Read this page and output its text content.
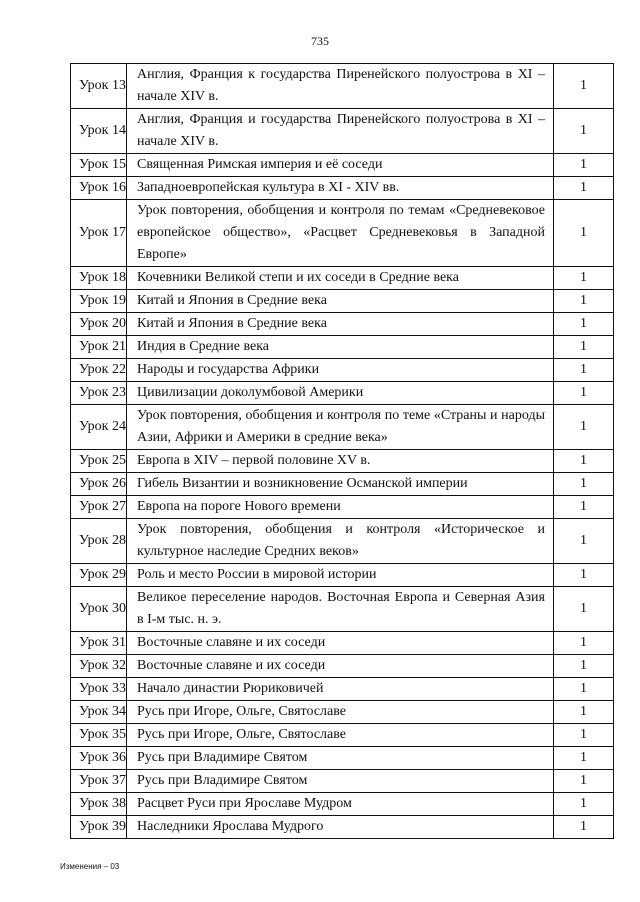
735
Урок 13	Англия, Франция к государства Пиренейского полуострова в XI – начале XIV в.	1
Урок 14	Англия, Франция и государства Пиренейского полуострова в XI – начале XIV в.	1
Урок 15	Священная Римская империя и её соседи	1
Урок 16	Западноевропейская культура в XI - XIV вв.	1
Урок 17	Урок повторения, обобщения и контроля по темам «Средневековое европейское общество», «Расцвет Средневековья в Западной Европе»	1
Урок 18	Кочевники Великой степи и их соседи в Средние века	1
Урок 19	Китай и Япония в Средние века	1
Урок 20	Китай и Япония в Средние века	1
Урок 21	Индия в Средние века	1
Урок 22	Народы и государства Африки	1
Урок 23	Цивилизации доколумбовой Америки	1
Урок 24	Урок повторения, обобщения и контроля по теме «Страны и народы Азии, Африки и Америки в средние века»	1
Урок 25	Европа в XIV – первой половине XV в.	1
Урок 26	Гибель Византии и возникновение Османской империи	1
Урок 27	Европа на пороге Нового времени	1
Урок 28	Урок повторения, обобщения и контроля «Историческое и культурное наследие Средних веков»	1
Урок 29	Роль и место России в мировой истории	1
Урок 30	Великое переселение народов. Восточная Европа и Северная Азия в I-м тыс. н. э.	1
Урок 31	Восточные славяне и их соседи	1
Урок 32	Восточные славяне и их соседи	1
Урок 33	Начало династии Рюриковичей	1
Урок 34	Русь при Игоре, Ольге, Святославе	1
Урок 35	Русь при Игоре, Ольге, Святославе	1
Урок 36	Русь при Владимире Святом	1
Урок 37	Русь при Владимире Святом	1
Урок 38	Расцвет Руси при Ярославе Мудром	1
Урок 39	Наследники Ярослава Мудрого	1
Изменения – 03
